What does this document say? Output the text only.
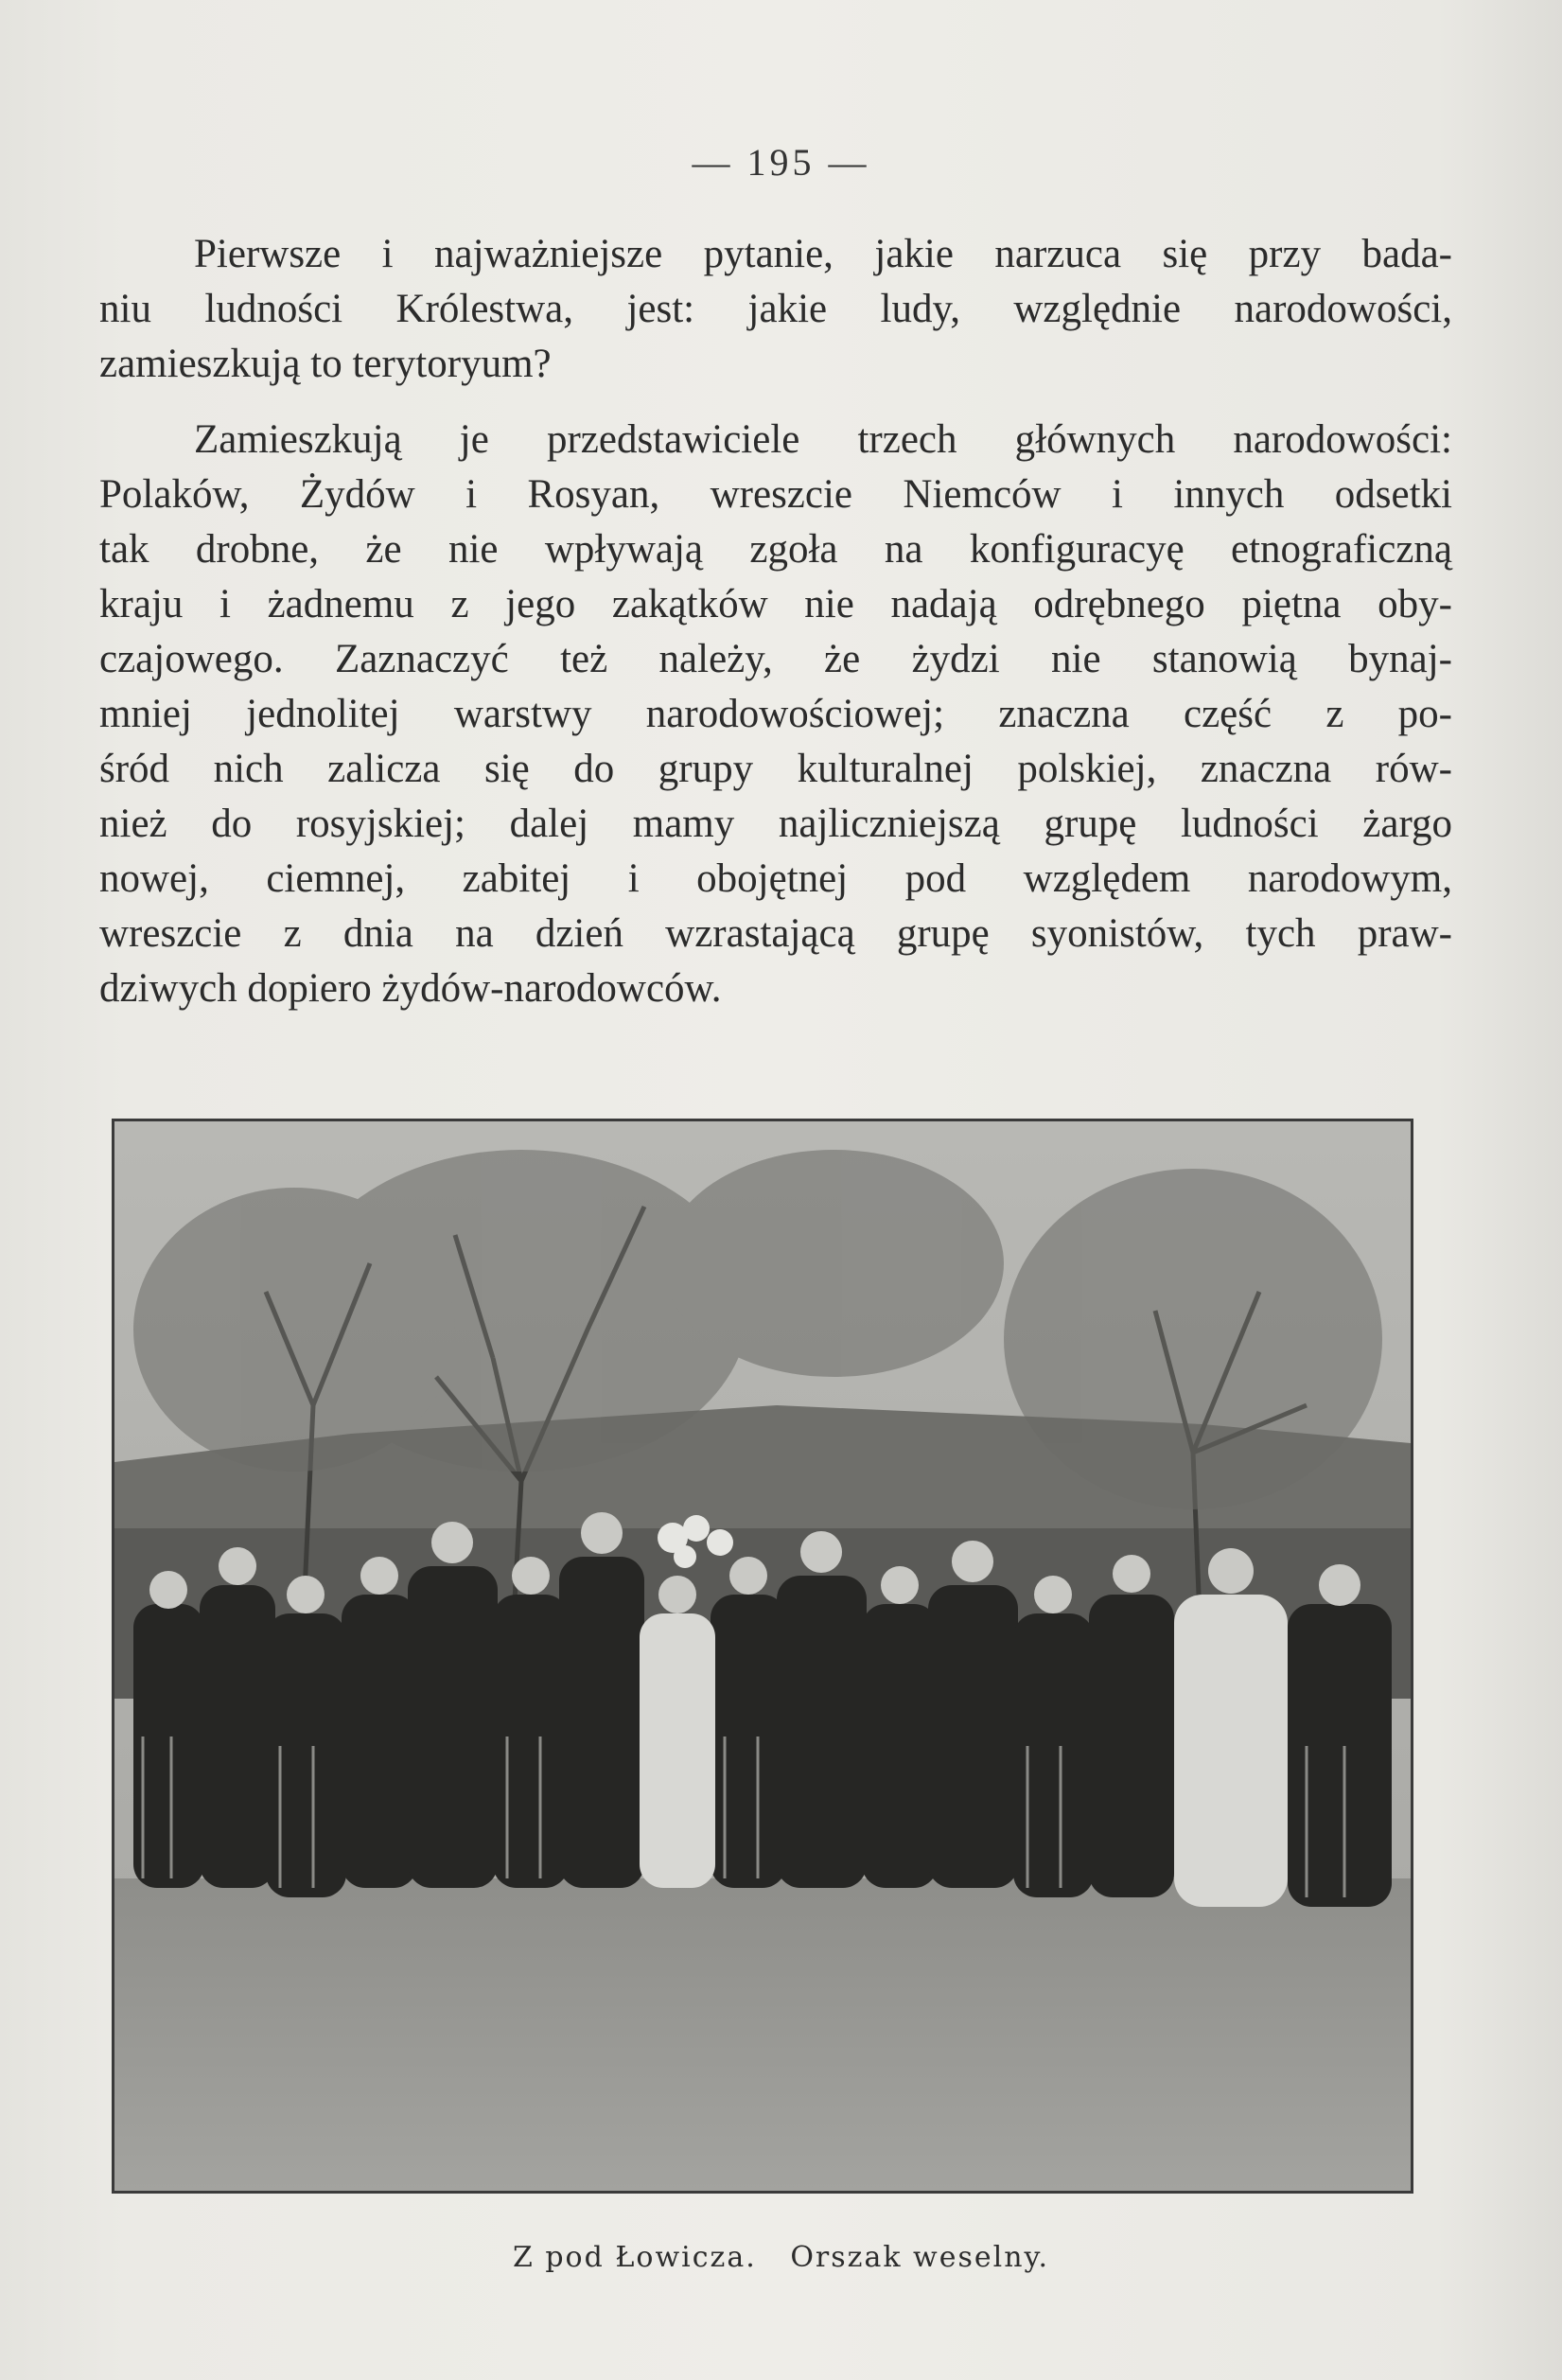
— 195 —

Pierwsze i najważniejsze pytanie, jakie narzuca się przy bada-
niu ludności Królestwa, jest: jakie ludy, względnie narodowości,
zamieszkują to terytoryum?

Zamieszkują je przedstawiciele trzech głównych narodowości:
Polaków, Żydów i Rosyan, wreszcie Niemców i innych odsetki
tak drobne, że nie wpływają zgoła na konfiguracyę etnograficzną
kraju i żadnemu z jego zakątków nie nadają odrębnego piętna oby-
czajowego. Zaznaczyć też należy, że żydzi nie stanowią bynaj-
mniej jednolitej warstwy narodowościowej; znaczna część z po-
śród nich zalicza się do grupy kulturalnej polskiej, znaczna rów-
nież do rosyjskiej; dalej mamy najliczniejszą grupę ludności żargo
nowej, ciemnej, zabitej i obojętnej pod względem narodowym,
wreszcie z dnia na dzień wzrastającą grupę syonistów, tych praw-
dziwych dopiero żydów-narodowców.

Z pod Łowicza. Orszak weselny.
